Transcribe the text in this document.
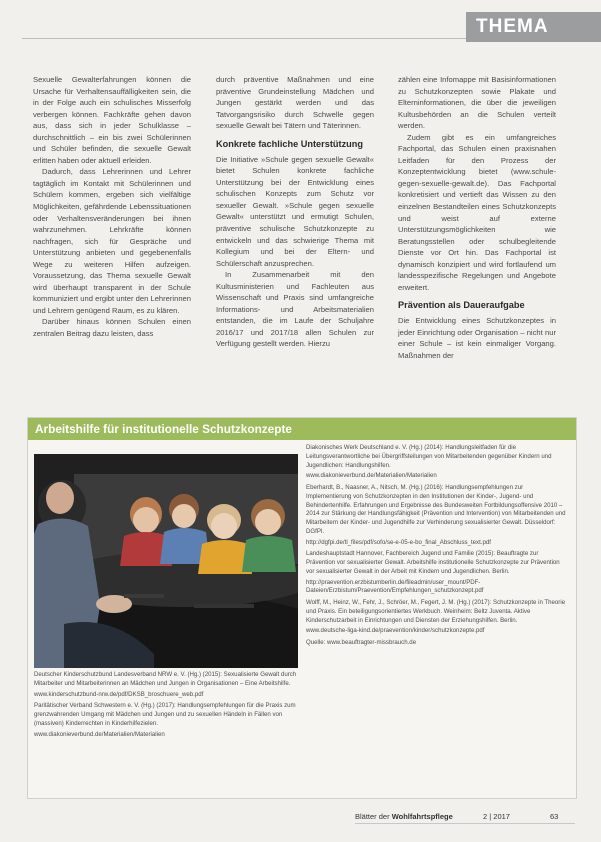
THEMA

Sexuelle Gewalterfahrungen können die Ursache für Verhaltensauffälligkeiten sein, die in der Folge auch ein schulisches Misserfolg verbergen können. Fachkräfte gehen davon aus, dass sich in jeder Schulklasse – durchschnittlich – ein bis zwei Schülerinnen und Schüler befinden, die sexuelle Gewalt erlitten haben oder aktuell erleiden.

Dadurch, dass Lehrerinnen und Lehrer tagtäglich im Kontakt mit Schülerinnen und Schülern kommen, ergeben sich vielfältige Möglichkeiten, gefährdende Lebenssituationen oder Verhaltensveränderungen bei ihnen wahrzunehmen. Lehrkräfte können nachfragen, sich für Gespräche und Unterstützung anbieten und gegebenenfalls Wege zu weiteren Hilfen aufzeigen. Voraussetzung, das Thema sexuelle Gewalt wird überhaupt transparent in der Schule kommuniziert und ergibt unter den Lehrerinnen und Lehrern genügend Raum, es zu klären.

Darüber hinaus können Schulen einen zentralen Beitrag dazu leisten, dass

durch präventive Maßnahmen und eine präventive Grundeinstellung Mädchen und Jungen gestärkt werden und das Tatvorgangsrisiko durch Schwelle gegen sexuelle Gewalt bei Tätern und Täterinnen.

Konkrete fachliche Unterstützung

Die Initiative »Schule gegen sexuelle Gewalt« bietet Schulen konkrete fachliche Unterstützung bei der Entwicklung eines schulischen Konzepts zum Schutz vor sexueller Gewalt. »Schule gegen sexuelle Gewalt« unterstützt und ermutigt Schulen, präventive schulische Schutzkonzepte zu entwickeln und das schwierige Thema mit Kollegium und bei der Eltern- und Schülerschaft anzusprechen.

In Zusammenarbeit mit den Kultusministerien und Fachleuten aus Wissenschaft und Praxis sind umfangreiche Informations- und Arbeitsmaterialien entstanden, die im Laufe der Schuljahre 2016/17 und 2017/18 allen Schulen zur Verfügung gestellt werden. Hierzu

zählen eine Infomappe mit Basisinformationen zu Schutzkonzepten sowie Plakate und Elterninformationen, die über die jeweiligen Kultusbehörden an die Schulen verteilt werden.

Zudem gibt es ein umfangreiches Fachportal, das Schulen einen praxisnahen Leitfaden für den Prozess der Konzeptentwicklung bietet (www.schule-gegen-sexuelle-gewalt.de). Das Fachportal konkretisiert und vertieft das Wissen zu den einzelnen Bestandteilen eines Schutzkonzepts und weist auf externe Unterstützungsmöglichkeiten wie Beratungsstellen oder schulbegleitende Dienste vor Ort hin. Das Fachportal ist dynamisch konzipiert und wird fortlaufend um landesspezifische Regelungen und Angebote erweitert.

Prävention als Daueraufgabe

Die Entwicklung eines Schutzkonzeptes in jeder Einrichtung oder Organisation – nicht nur einer Schule – ist kein einmaliger Vorgang. Maßnahmen der

Arbeitshilfe für institutionelle Schutzkonzepte
Deutscher Kinderschutzbund Landesverband NRW e. V. (Hg.) (2015): Sexualisierte Gewalt durch Mitarbeiter und Mitarbeiterinnen an Mädchen und Jungen in Organisationen – Eine Arbeitshilfe.
www.kinderschutzbund-nrw.de/pdf/DKSB_broschuere_web.pdf
Paritätischer Verband Schwestern e. V. (Hg.) (2017): Handlungsempfehlungen für die Praxis zum grenzwahrenden Umgang mit Mädchen und Jungen und zu sexuellen Händeln in Fällen von (massiven) Kinderrechten in Kinderhilfezielen.
www.diakonieverbund.de/Materialien/Materialien
Diakonisches Werk Deutschland e. V. (Hg.) (2014): Handlungsleitfaden für die Leitungsverantwortliche bei Übergriffsteilungen von Mitarbeitenden gegenüber Kindern und Jugendlichen: Handlungshilfen.
www.diakonieverbund.de/Materialien/Materialien
Eberhardt, B., Naasner, A., Nitsch, M. (Hg.) (2016): Handlungsempfehlungen zur Implementierung von Schutzkonzepten in den Institutionen der Kinder-, Jugend- und Behindertenhilfe. Erfahrungen und Ergebnisse des Bundesweiten Fortbildungsoffensive 2010 – 2014 zur Stärkung der Handlungsfähigkeit (Prävention und Intervention) von Mitarbeitenden und Mitarbeitern der Kinder- und Jugendhilfe zur Verhinderung sexualisierter Gewalt. Düsseldorf: DGfPI.
http://dgfpi.de/tl_files/pdf/sofo/se-e-05-e-bo_final_Abschluss_text.pdf
Landeshauptstadt Hannover, Fachbereich Jugend und Familie (2015): Beauftragte zur Prävention vor sexualisierter Gewalt. Arbeitshilfe institutionelle Schutzkonzepte zur Prävention vor sexualisierter Gewalt in der Arbeit mit Kindern und Jugendlichen. Berlin.
http://praevention.erzbistumberlin.de/fileadmin/user_mount/PDF-Dateien/Erzbistum/Praevention/Empfehlungen_schutzkonzept.pdf
Wolff, M., Heinz, W., Fehr, J., Schröer, M., Fegert, J. M. (Hg.) (2017): Schutzkonzepte in Theorie und Praxis. Ein beteiligungsorientiertes Werkbuch. Weinheim: Beltz Juventa. Aktive Kinderschutzarbeit in Einrichtungen und Diensten der Erziehungshilfen. Berlin.
www.deutsche-liga-kind.de/praevention/kinder/schutzkonzepte.pdf
Quelle: www.beauftragter-missbrauch.de
Blätter der Wohlfahrtspflege	2 | 2017	63
